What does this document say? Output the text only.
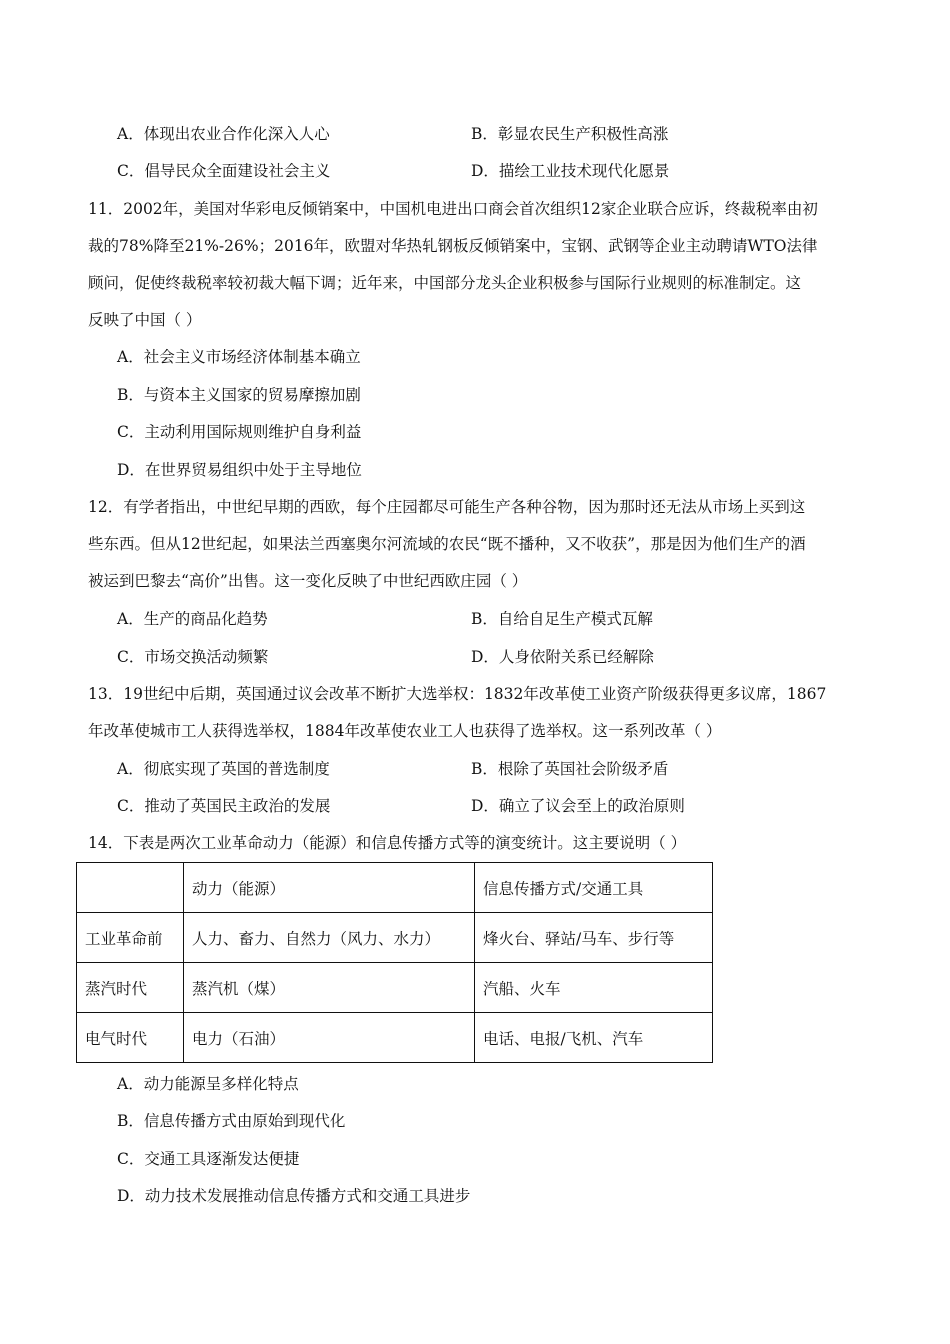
A．体现出农业合作化深入人心	B．彰显农民生产积极性高涨
C．倡导民众全面建设社会主义	D．描绘工业技术现代化愿景
11．2002年，美国对华彩电反倾销案中，中国机电进出口商会首次组织12家企业联合应诉，终裁税率由初
裁的78%降至21%-26%；2016年，欧盟对华热轧钢板反倾销案中，宝钢、武钢等企业主动聘请WTO法律
顾问，促使终裁税率较初裁大幅下调；近年来，中国部分龙头企业积极参与国际行业规则的标准制定。这
反映了中国（ ）
A．社会主义市场经济体制基本确立
B．与资本主义国家的贸易摩擦加剧
C．主动利用国际规则维护自身利益
D．在世界贸易组织中处于主导地位
12．有学者指出，中世纪早期的西欧，每个庄园都尽可能生产各种谷物，因为那时还无法从市场上买到这
些东西。但从12世纪起，如果法兰西塞奥尔河流域的农民“既不播种，又不收获”，那是因为他们生产的酒
被运到巴黎去“高价”出售。这一变化反映了中世纪西欧庄园（ ）
A．生产的商品化趋势	B．自给自足生产模式瓦解
C．市场交换活动频繁	D．人身依附关系已经解除
13．19世纪中后期，英国通过议会改革不断扩大选举权：1832年改革使工业资产阶级获得更多议席，1867
年改革使城市工人获得选举权，1884年改革使农业工人也获得了选举权。这一系列改革（ ）
A．彻底实现了英国的普选制度	B．根除了英国社会阶级矛盾
C．推动了英国民主政治的发展	D．确立了议会至上的政治原则
14．下表是两次工业革命动力（能源）和信息传播方式等的演变统计。这主要说明（ ）
	动力（能源）	信息传播方式/交通工具
工业革命前	人力、畜力、自然力（风力、水力）	烽火台、驿站/马车、步行等
蒸汽时代	蒸汽机（煤）	汽船、火车
电气时代	电力（石油）	电话、电报/飞机、汽车
A．动力能源呈多样化特点
B．信息传播方式由原始到现代化
C．交通工具逐渐发达便捷
D．动力技术发展推动信息传播方式和交通工具进步
